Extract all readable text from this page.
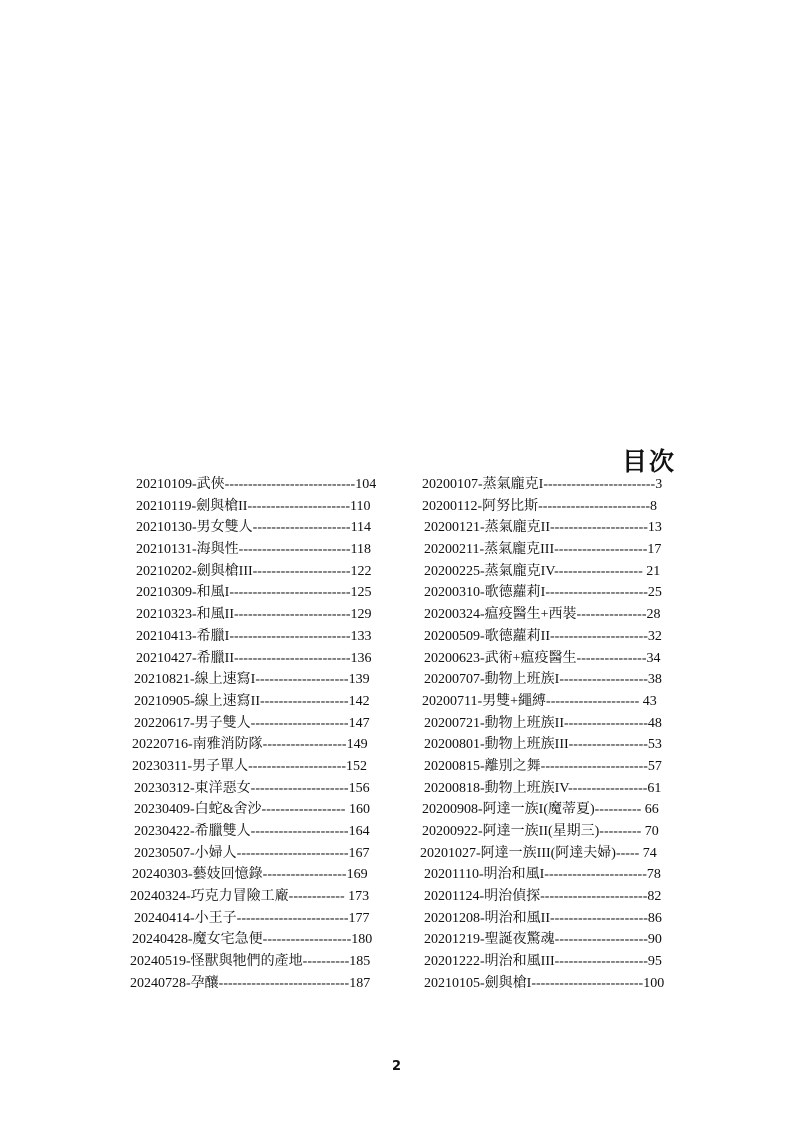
目次
20210109-武俠----------------------------104
20210119-劍與槍II----------------------110
20210130-男女雙人---------------------114
20210131-海與性------------------------118
20210202-劍與槍III---------------------122
20210309-和風I--------------------------125
20210323-和風II-------------------------129
20210413-希臘I--------------------------133
20210427-希臘II-------------------------136
20210821-線上速寫I--------------------139
20210905-線上速寫II-------------------142
20220617-男子雙人---------------------147
20220716-南雅消防隊------------------149
20230311-男子單人---------------------152
20230312-東洋惡女---------------------156
20230409-白蛇&舍沙------------------ 160
20230422-希臘雙人---------------------164
20230507-小婦人------------------------167
20240303-藝妓回憶錄------------------169
20240324-巧克力冒險工廠------------ 173
20240414-小王子------------------------177
20240428-魔女宅急便-------------------180
20240519-怪獸與牠們的產地----------185
20240728-孕釀----------------------------187
20200107-蒸氣龐克I------------------------3
20200112-阿努比斯------------------------8
20200121-蒸氣龐克II---------------------13
20200211-蒸氣龐克III--------------------17
20200225-蒸氣龐克IV------------------- 21
20200310-歌德蘿莉I----------------------25
20200324-瘟疫醫生+西裝---------------28
20200509-歌德蘿莉II---------------------32
20200623-武術+瘟疫醫生---------------34
20200707-動物上班族I-------------------38
20200711-男雙+繩縛-------------------- 43
20200721-動物上班族II------------------48
20200801-動物上班族III-----------------53
20200815-離別之舞-----------------------57
20200818-動物上班族IV-----------------61
20200908-阿達一族I(魔蒂夏)---------- 66
20200922-阿達一族II(星期三)--------- 70
20201027-阿達一族III(阿達夫婦)----- 74
20201110-明治和風I----------------------78
20201124-明治偵探-----------------------82
20201208-明治和風II---------------------86
20201219-聖誕夜驚魂--------------------90
20201222-明治和風III--------------------95
20210105-劍與槍I------------------------100
2
